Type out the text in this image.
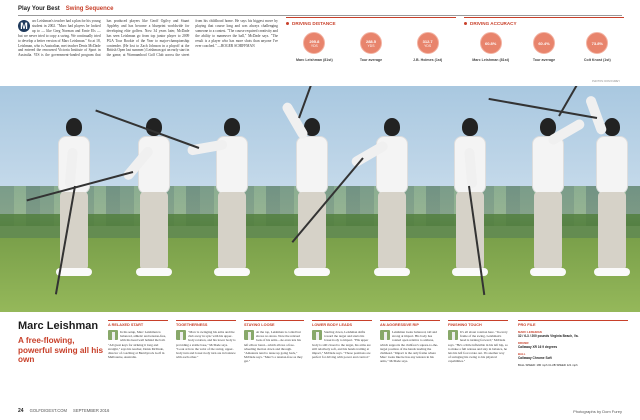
Play Your Best Swing Sequence
M	arc Leishman's teacher had a plan for his young student in 2002. "Marc had players he looked up to — like Greg Norman and Ernie Els — but we never tried to copy a swing. We continually tried to develop a better version of Marc Leishman." So at 18, Leishman, who is Australian, met teacher Denis McDade and entered the renowned Victoria Institute of Sport in Australia. VIS is the government-funded program that has produced players like Geoff Ogilvy and Stuart Appleby and has become a blueprint worldwide for developing elite golfers. Now 34 years later, McDade has seen Leishman go from top junior player to 2009 PGA Tour Rookie of the Year to major-championship contender. (He lost to Zach Johnson in a playoff at the British Open last summer.) Leishman got an early start in the game, at Warrnambool Golf Club across the street from his childhood home. He says his biggest move by playing that course long and was always challenging someone to a contest. "The course required creativity and the ability to maneuver the ball," McDade says. "The result is a player who has more shots than anyone I've ever coached." —ROGER SCHIFFMAN
DRIVING DISTANCE
295.8
YDS
Marc Leishman (81st)
288.5
YDS
Tour average
312.7
YDS
J.B. Holmes (1st)
DRIVING ACCURACY
60.8%
Marc Leishman (81st)
60.4%
Tour average
73.8%
Colt Knost (1st)
PHOTOS: DOM FUREY
Marc Leishman
A free-flowing, powerful swing all his own
A RELAXED START
In his setup, Marc Leishman is balanced, athletic and tension-free, with his head well behind the ball. "All great keys for striking it long and straight," says his teacher, Denis McDade, director of coaching at Barnbyrock Golf in Melbourne, Australia.
TOGETHERNESS
"Marc is swinging his arms and the club away in sync with his upper-body rotation, and his lower body is providing a stable base," McDade says. "Look at how the wrist of the swing, upper-body turn and lower-body turn are in balance with each other."
STAYING LOOSE
At the top, Leishman is coiled but shows no stress. Note the relaxed look of his arms—he even lets his left elbow bend—which allows a free-wheeling motion down and through. "Amateurs tend to tense up going back," McDade says. "Marc's a tension-free as they get."
LOWER BODY LEADS
Starting down, Leishman shifts toward the target and starts his lower-body to impact. "His upper body is still closed to the target, his arms are still relatively soft, and his hands trailing at impact," McDade says. "Those positions are perfect for driving with power and control."
AN AGGRESSIVE RIP
Leishman looks balanced, tall and strong at impact. His body has rotated open relative to address, which supports the clubface's square-to-the-target position of the hands leading the clubhead. "Impact is the only frame where Marc looks like he has any tension in his arms," McDade says.
FINISHING TOUCH
It's all about rotation here. "In every frame of the swing, Leishman's head is turning forward," McDade says. "He's a little inflexible in his left hip, so to make a full release and stay in balance, he lets his left foot rotate out. It's another way of swinging his swing to his physical capabilities."
PRO FILE
MARC LEISHMAN
32 / 6-3 / 200 pounds Virginia Beach, Va.
DRIVER
Callaway XR 16 9 degrees
BALL
Callaway Chrome Soft
BALL SPEED: 180 mph CLUB SPEED 121 mph
24 GOLFDIGEST.COM SEPTEMBER 2016	Photographs by Dom Furey
